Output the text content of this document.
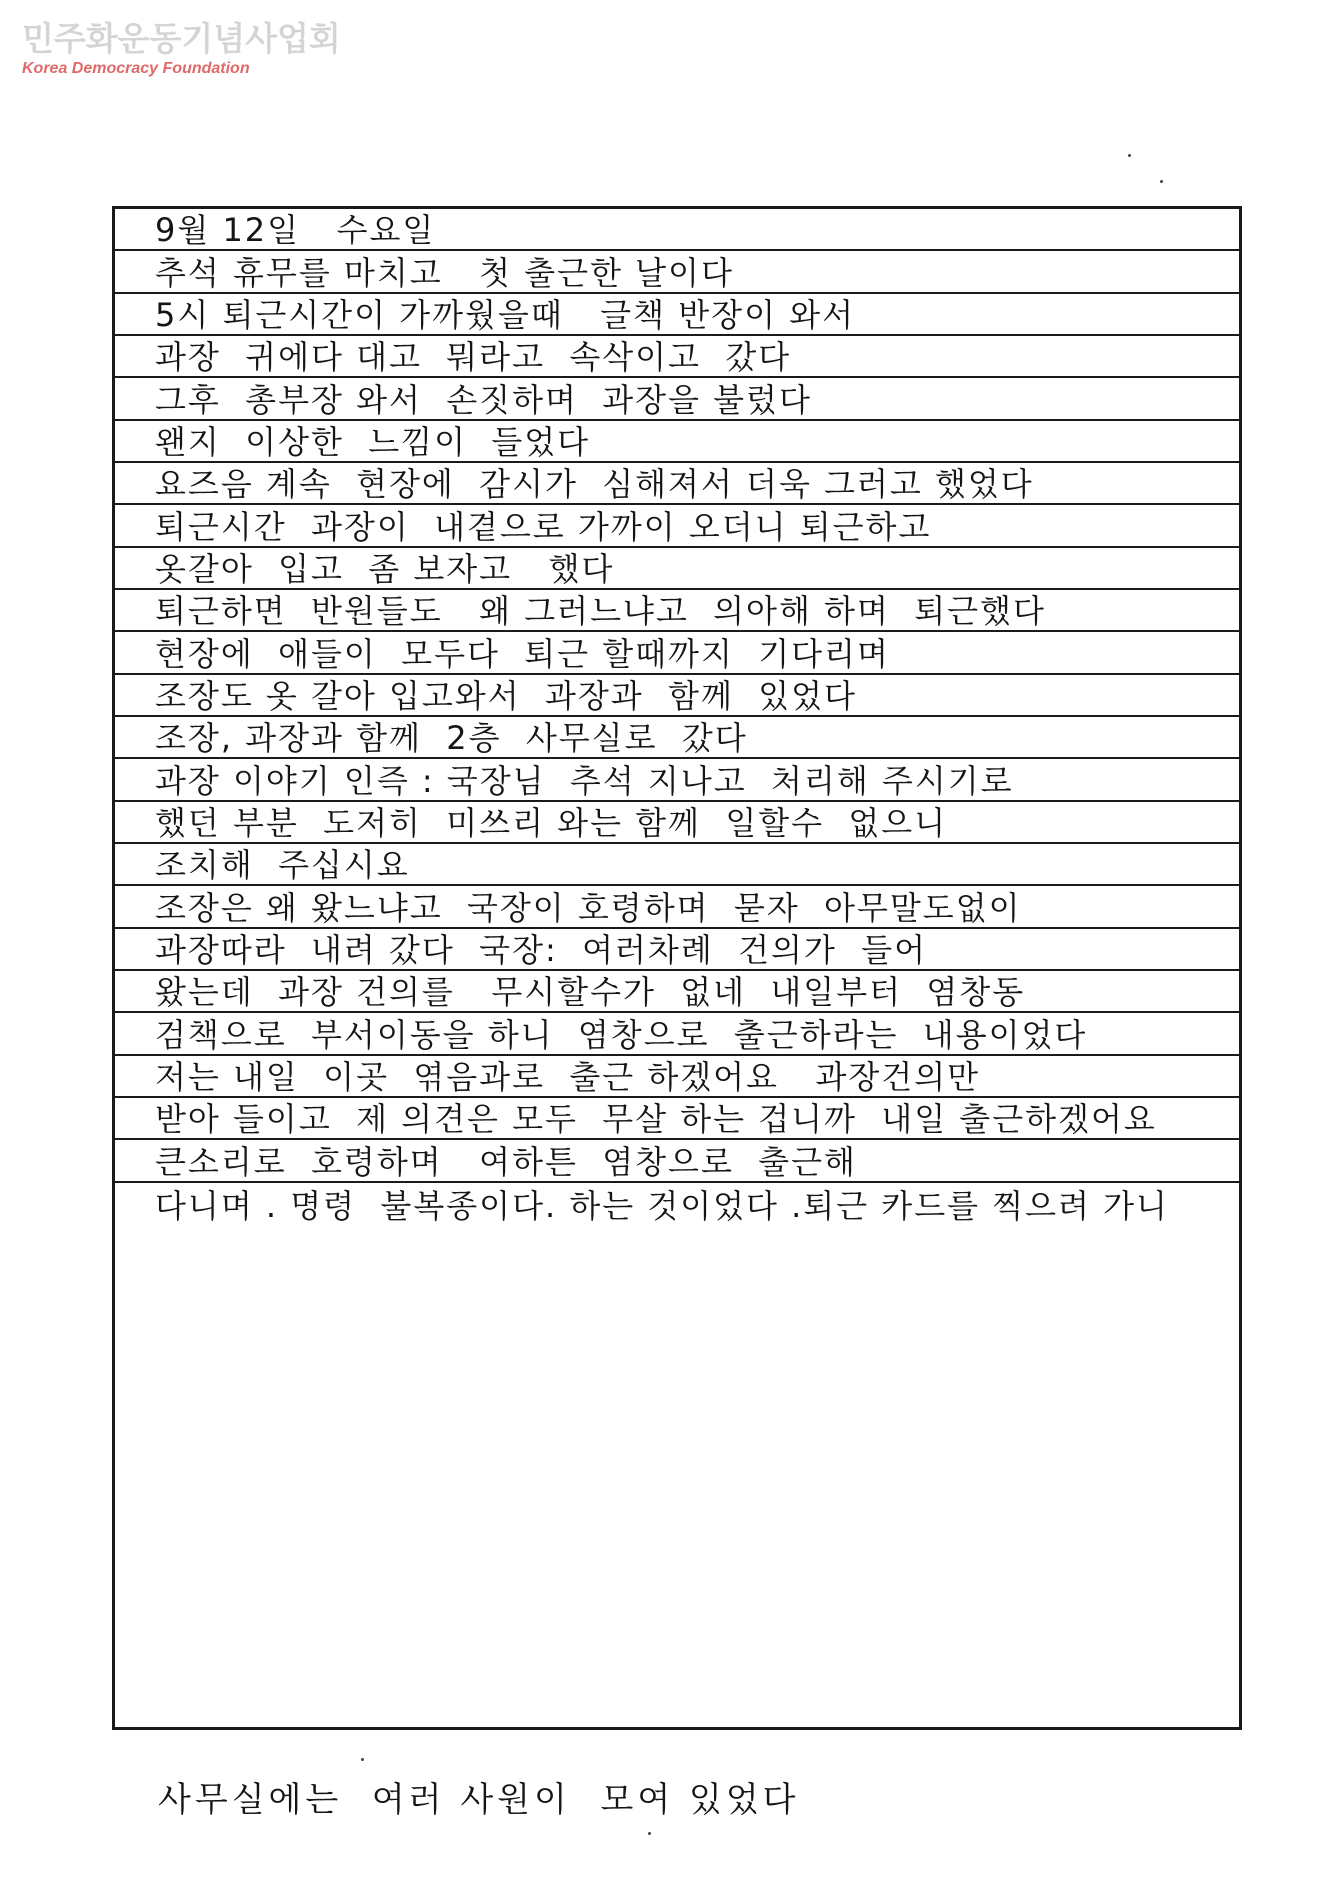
민주화운동기념사업회
Korea Democracy Foundation
9월 12일   수요일
추석 휴무를 마치고   첫 출근한 날이다
5시 퇴근시간이 가까웠을때   글책 반장이 와서
과장  귀에다 대고  뭐라고  속삭이고  갔다
그후  총부장 와서  손짓하며  과장을 불렀다
왠지  이상한  느낌이  들었다
요즈음 계속  현장에  감시가  심해져서 더욱 그러고 했었다
퇴근시간  과장이  내곁으로 가까이 오더니 퇴근하고
옷갈아  입고  좀 보자고   했다
퇴근하면  반원들도   왜 그러느냐고  의아해 하며  퇴근했다
현장에  애들이  모두다  퇴근 할때까지  기다리며
조장도 옷 갈아 입고와서  과장과  함께  있었다
조장, 과장과 함께  2층  사무실로  갔다
과장 이야기 인즉 : 국장님  추석 지나고  처리해 주시기로
했던 부분  도저히  미쓰리 와는 함께  일할수  없으니
조치해  주십시요
조장은 왜 왔느냐고  국장이 호령하며  묻자  아무말도없이
과장따라  내려 갔다  국장:  여러차례  건의가  들어
왔는데  과장 건의를   무시할수가  없네  내일부터  염창동
검책으로  부서이동을 하니  염창으로  출근하라는  내용이었다
저는 내일  이곳  엮음과로  출근 하겠어요   과장건의만
받아 들이고  제 의견은 모두  무살 하는 겁니까  내일 출근하겠어요
큰소리로  호령하며   여하튼  염창으로  출근해
다니며 . 명령  불복종이다. 하는 것이었다 .퇴근 카드를 찍으려 가니
사무실에는  여러 사원이  모여 있었다
